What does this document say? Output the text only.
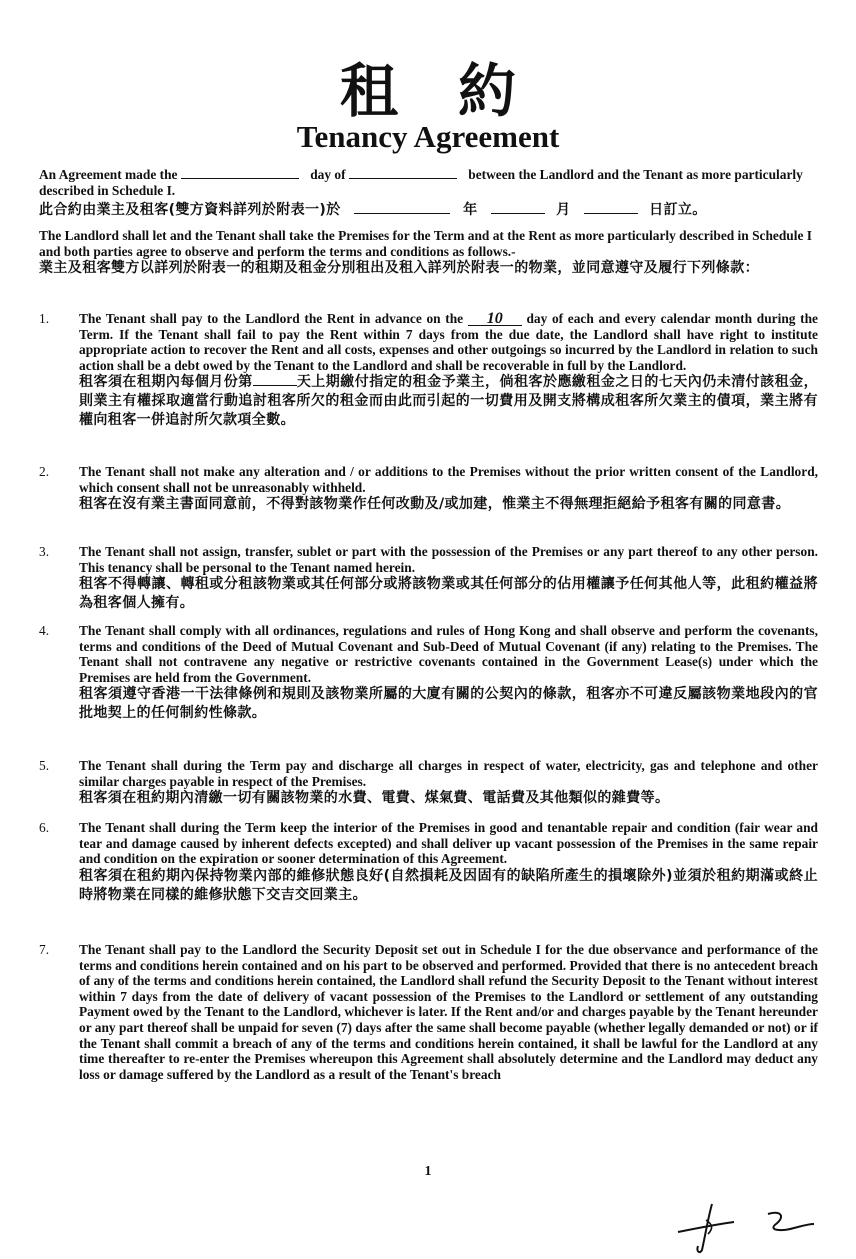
租約
Tenancy Agreement
An Agreement made the	day of	between the Landlord and the Tenant as more particularly described in Schedule I.
此合約由業主及租客(雙方資料詳列於附表一)於	年	月	日訂立。
The Landlord shall let and the Tenant shall take the Premises for the Term and at the Rent as more particularly described in Schedule I and both parties agree to observe and perform the terms and conditions as follows.-
業主及租客雙方以詳列於附表一的租期及租金分別租出及租入詳列於附表一的物業，並同意遵守及履行下列條款：
1.	The Tenant shall pay to the Landlord the Rent in advance on the 10 day of each and every calendar month during the Term. If the Tenant shall fail to pay the Rent within 7 days from the due date, the Landlord shall have right to institute appropriate action to recover the Rent and all costs, expenses and other outgoings so incurred by the Landlord in relation to such action shall be a debt owed by the Tenant to the Landlord and shall be recoverable in full by the Landlord.
租客須在租期內每個月份第	天上期繳付指定的租金予業主，倘租客於應繳租金之日的七天內仍未清付該租金，則業主有權採取適當行動追討租客所欠的租金而由此而引起的一切費用及開支將構成租客所欠業主的債項，業主將有權向租客一併追討所欠款項全數。
2.	The Tenant shall not make any alteration and / or additions to the Premises without the prior written consent of the Landlord, which consent shall not be unreasonably withheld.
租客在沒有業主書面同意前，不得對該物業作任何改動及/或加建，惟業主不得無理拒絕給予租客有關的同意書。
3.	The Tenant shall not assign, transfer, sublet or part with the possession of the Premises or any part thereof to any other person. This tenancy shall be personal to the Tenant named herein.
租客不得轉讓、轉租或分租該物業或其任何部分或將該物業或其任何部分的佔用權讓予任何其他人等，此租約權益將為租客個人擁有。
4.	The Tenant shall comply with all ordinances, regulations and rules of Hong Kong and shall observe and perform the covenants, terms and conditions of the Deed of Mutual Covenant and Sub-Deed of Mutual Covenant (if any) relating to the Premises. The Tenant shall not contravene any negative or restrictive covenants contained in the Government Lease(s) under which the Premises are held from the Government.
租客須遵守香港一干法律條例和規則及該物業所屬的大廈有關的公契內的條款，租客亦不可違反屬該物業地段內的官批地契上的任何制約性條款。
5.	The Tenant shall during the Term pay and discharge all charges in respect of water, electricity, gas and telephone and other similar charges payable in respect of the Premises.
租客須在租約期內清繳一切有關該物業的水費、電費、煤氣費、電話費及其他類似的雜費等。
6.	The Tenant shall during the Term keep the interior of the Premises in good and tenantable repair and condition (fair wear and tear and damage caused by inherent defects excepted) and shall deliver up vacant possession of the Premises in the same repair and condition on the expiration or sooner determination of this Agreement.
租客須在租約期內保持物業內部的維修狀態良好(自然損耗及因固有的缺陷所產生的損壞除外)並須於租約期滿或終止時將物業在同樣的維修狀態下交吉交回業主。
7.	The Tenant shall pay to the Landlord the Security Deposit set out in Schedule I for the due observance and performance of the terms and conditions herein contained and on his part to be observed and performed. Provided that there is no antecedent breach of any of the terms and conditions herein contained, the Landlord shall refund the Security Deposit to the Tenant without interest within 7 days from the date of delivery of vacant possession of the Premises to the Landlord or settlement of any outstanding Payment owed by the Tenant to the Landlord, whichever is later. If the Rent and/or and charges payable by the Tenant hereunder or any part thereof shall be unpaid for seven (7) days after the same shall become payable (whether legally demanded or not) or if the Tenant shall commit a breach of any of the terms and conditions herein contained, it shall be lawful for the Landlord at any time thereafter to re-enter the Premises whereupon this Agreement shall absolutely determine and the Landlord may deduct any loss or damage suffered by the Landlord as a result of the Tenant's breach
1
